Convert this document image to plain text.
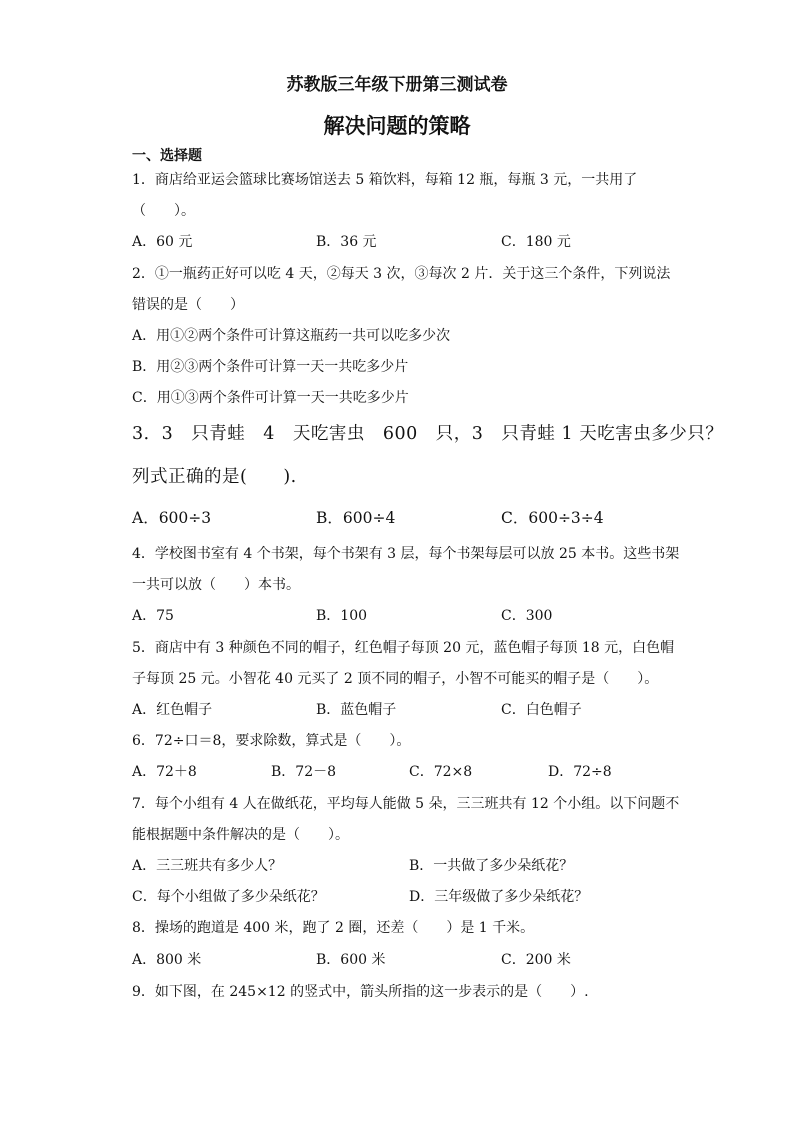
苏教版三年级下册第三测试卷
解决问题的策略
一、选择题
1．商店给亚运会篮球比赛场馆送去 5 箱饮料，每箱 12 瓶，每瓶 3 元，一共用了
（　　）。
A．60 元	B．36 元	C．180 元
2．①一瓶药正好可以吃 4 天，②每天 3 次，③每次 2 片．关于这三个条件，下列说法
错误的是（　　）
A．用①②两个条件可计算这瓶药一共可以吃多少次
B．用②③两个条件可计算一天一共吃多少片
C．用①③两个条件可计算一天一共吃多少片
3．3　只青蛙　4　天吃害虫　600　只，3　只青蛙 1 天吃害虫多少只？
列式正确的是(　　).
A．600÷3	B．600÷4	C．600÷3÷4
4．学校图书室有 4 个书架，每个书架有 3 层，每个书架每层可以放 25 本书。这些书架
一共可以放（　　）本书。
A．75	B．100	C．300
5．商店中有 3 种颜色不同的帽子，红色帽子每顶 20 元，蓝色帽子每顶 18 元，白色帽
子每顶 25 元。小智花 40 元买了 2 顶不同的帽子，小智不可能买的帽子是（　　）。
A．红色帽子	B．蓝色帽子	C．白色帽子
6．72÷口＝8，要求除数，算式是（　　）。
A．72＋8	B．72－8	C．72×8	D．72÷8
7．每个小组有 4 人在做纸花，平均每人能做 5 朵，三三班共有 12 个小组。以下问题不
能根据题中条件解决的是（　　）。
A．三三班共有多少人？	B．一共做了多少朵纸花？
C．每个小组做了多少朵纸花？	D．三年级做了多少朵纸花？
8．操场的跑道是 400 米，跑了 2 圈，还差（　　）是 1 千米。
A．800 米	B．600 米	C．200 米
9．如下图，在 245×12 的竖式中，箭头所指的这一步表示的是（　　）.
